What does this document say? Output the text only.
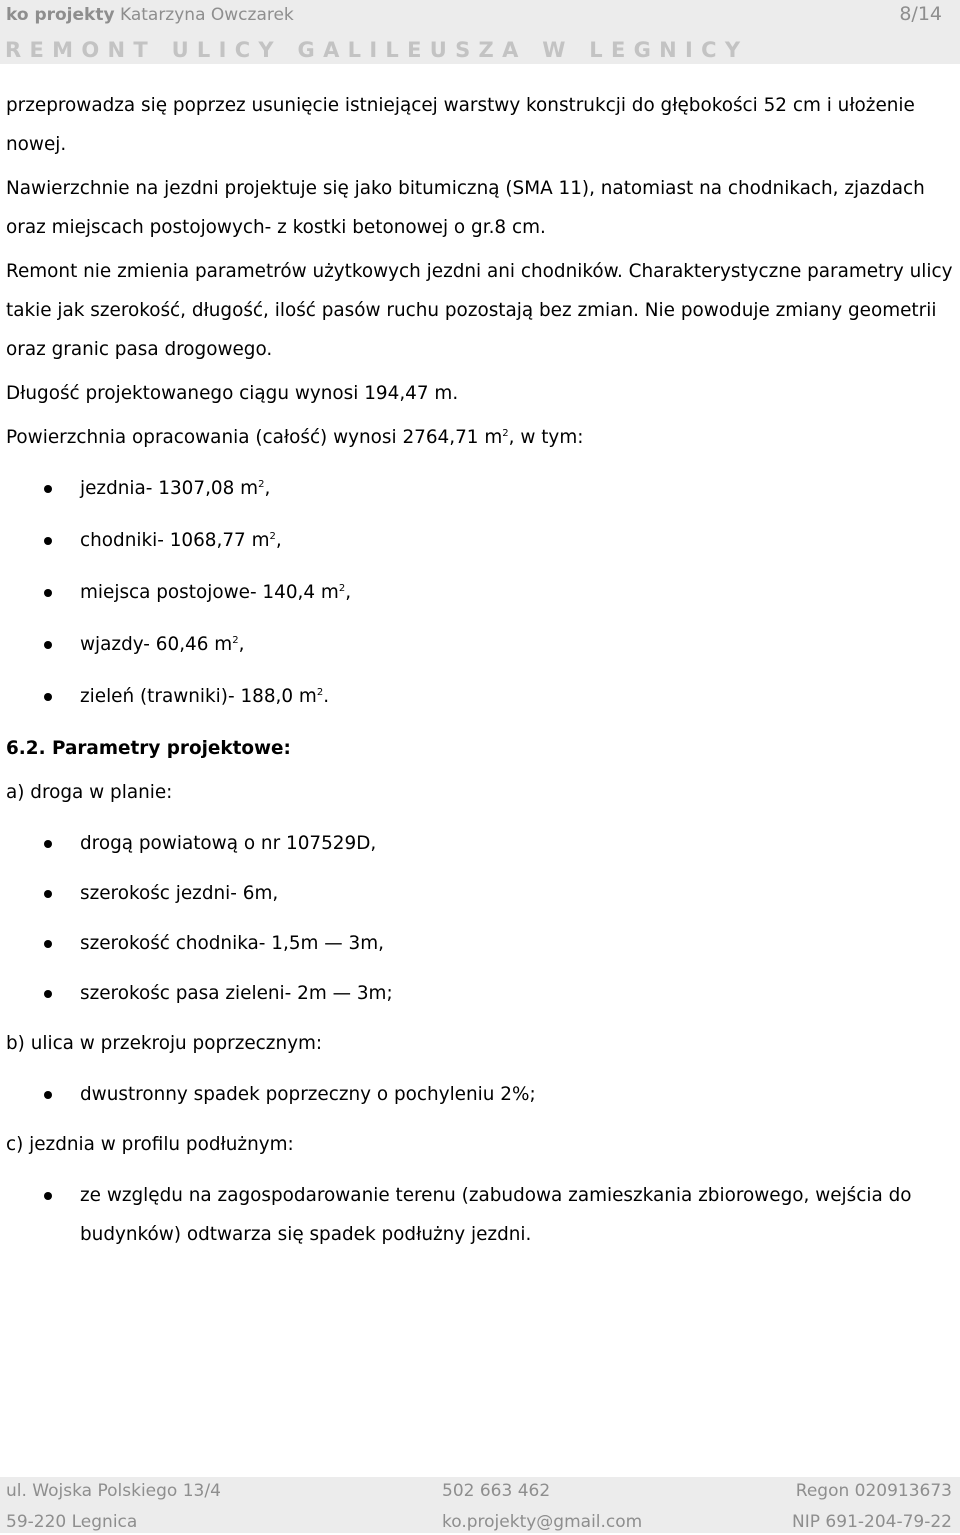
ko projekty Katarzyna Owczarek	8/14
REMONT ULICY GALILEUSZA W LEGNICY

przeprowadza się poprzez usunięcie istniejącej warstwy konstrukcji do głębokości 52 cm i ułożenie nowej.

Nawierzchnie na jezdni projektuje się jako bitumiczną (SMA 11), natomiast na chodnikach, zjazdach oraz miejscach postojowych- z kostki betonowej o gr.8 cm.

Remont nie zmienia parametrów użytkowych jezdni ani chodników. Charakterystyczne parametry ulicy takie jak szerokość, długość, ilość pasów ruchu pozostają bez zmian. Nie powoduje zmiany geometrii oraz granic pasa drogowego.

Długość projektowanego ciągu wynosi 194,47 m.

Powierzchnia opracowania (całość) wynosi 2764,71 $m^2$, w tym:

jezdnia- 1307,08 $m^2$,
chodniki- 1068,77 $m^2$,
miejsca postojowe- 140,4 $m^2$,
wjazdy- 60,46 $m^2$,
zieleń (trawniki)- 188,0 $m^2$.

6.2. Parametry projektowe:

a) droga w planie:

drogą powiatową o nr 107529D,
szerokośc jezdni- 6m,
szerokość chodnika- 1,5m — 3m,
szerokośc pasa zieleni- 2m — 3m;

b) ulica w przekroju poprzecznym:

dwustronny spadek poprzeczny o pochyleniu 2%;

c) jezdnia w profilu podłużnym:

ze względu na zagospodarowanie terenu (zabudowa zamieszkania zbiorowego, wejścia do budynków) odtwarza się spadek podłużny jezdni.
ul. Wojska Polskiego 13/4	502 663 462	Regon 020913673
59-220 Legnica	ko.projekty@gmail.com	NIP 691-204-79-22
